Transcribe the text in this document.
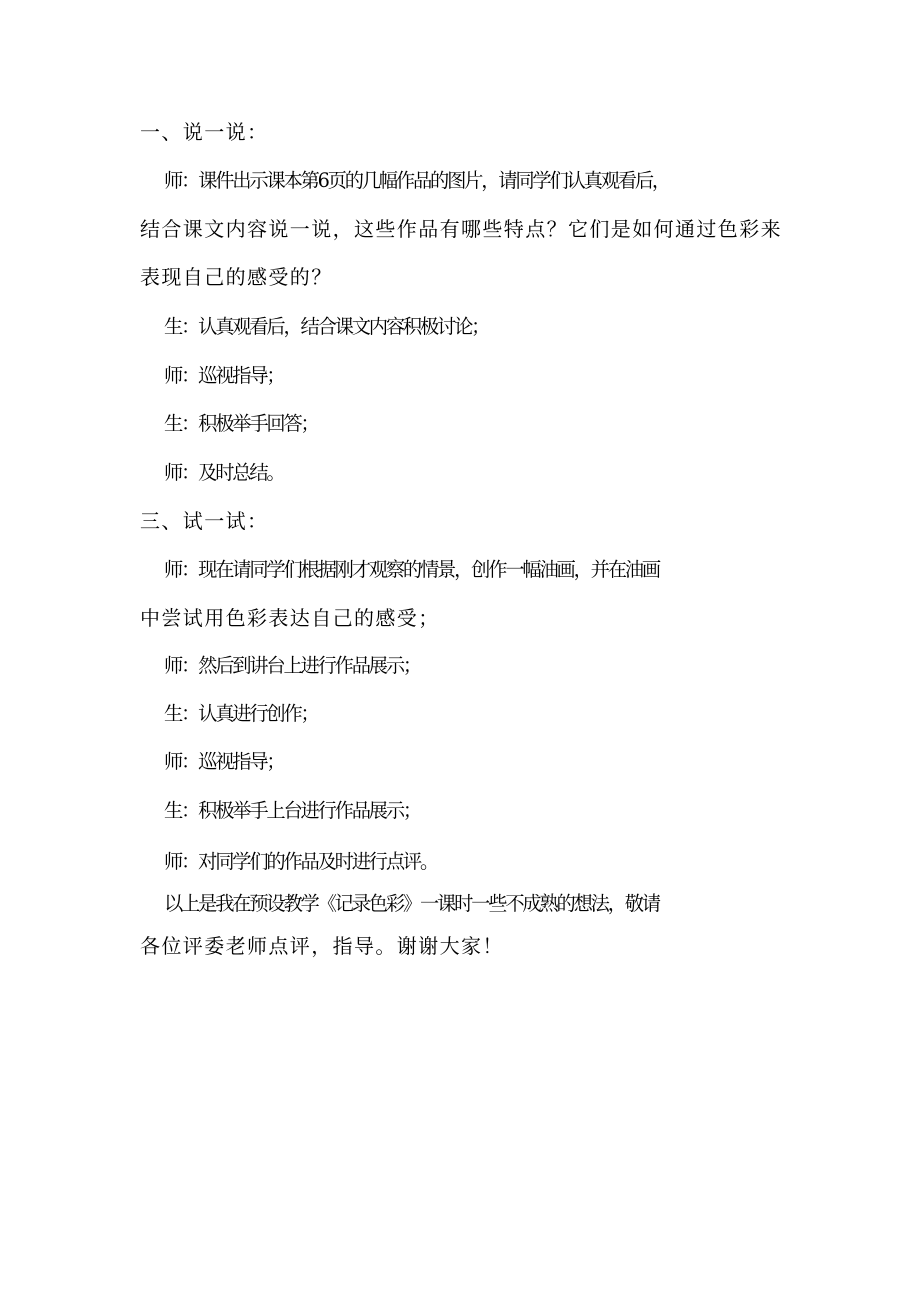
一、说一说：
师：课件出示课本第6页的几幅作品的图片，请同学们认真观看后，
结合课文内容说一说，这些作品有哪些特点？它们是如何通过色彩来
表现自己的感受的？
生：认真观看后，结合课文内容积极讨论；
师：巡视指导；
生：积极举手回答；
师：及时总结。
三、试一试：
师：现在请同学们根据刚才观察的情景，创作一幅油画，并在油画
中尝试用色彩表达自己的感受；
师：然后到讲台上进行作品展示；
生：认真进行创作；
师：巡视指导；
生：积极举手上台进行作品展示；
师：对同学们的作品及时进行点评。
以上是我在预设教学《记录色彩》一课时一些不成熟的想法，敬请
各位评委老师点评，指导。谢谢大家！
